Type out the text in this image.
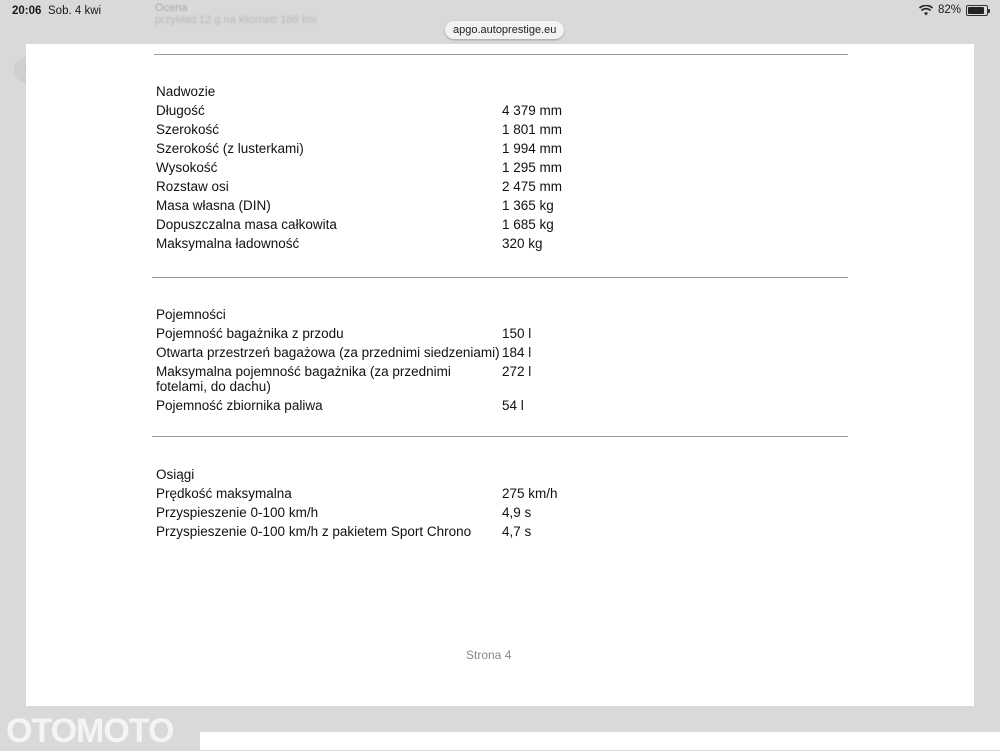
20:06 Sob. 4 kwi	82%
Ocena
przykład 12 g na kilometr 186 km
Nadwozie
Długość	4 379 mm
Szerokość	1 801 mm
Szerokość (z lusterkami)	1 994 mm
Wysokość	1 295 mm
Rozstaw osi	2 475 mm
Masa własna (DIN)	1 365 kg
Dopuszczalna masa całkowita	1 685 kg
Maksymalna ładowność	320 kg
Pojemności
Pojemność bagażnika z przodu	150 l
Otwarta przestrzeń bagażowa (za przednimi siedzeniami) 184 l
Maksymalna pojemność bagażnika (za przednimi fotelami, do dachu)
272 l
Pojemność zbiornika paliwa	54 l
Osiągi
Prędkość maksymalna	275 km/h
Przyspieszenie 0-100 km/h	4,9 s
Przyspieszenie 0-100 km/h z pakietem Sport Chrono	4,7 s
Strona 4
apgo.autoprestige.eu
OTOMOTO
